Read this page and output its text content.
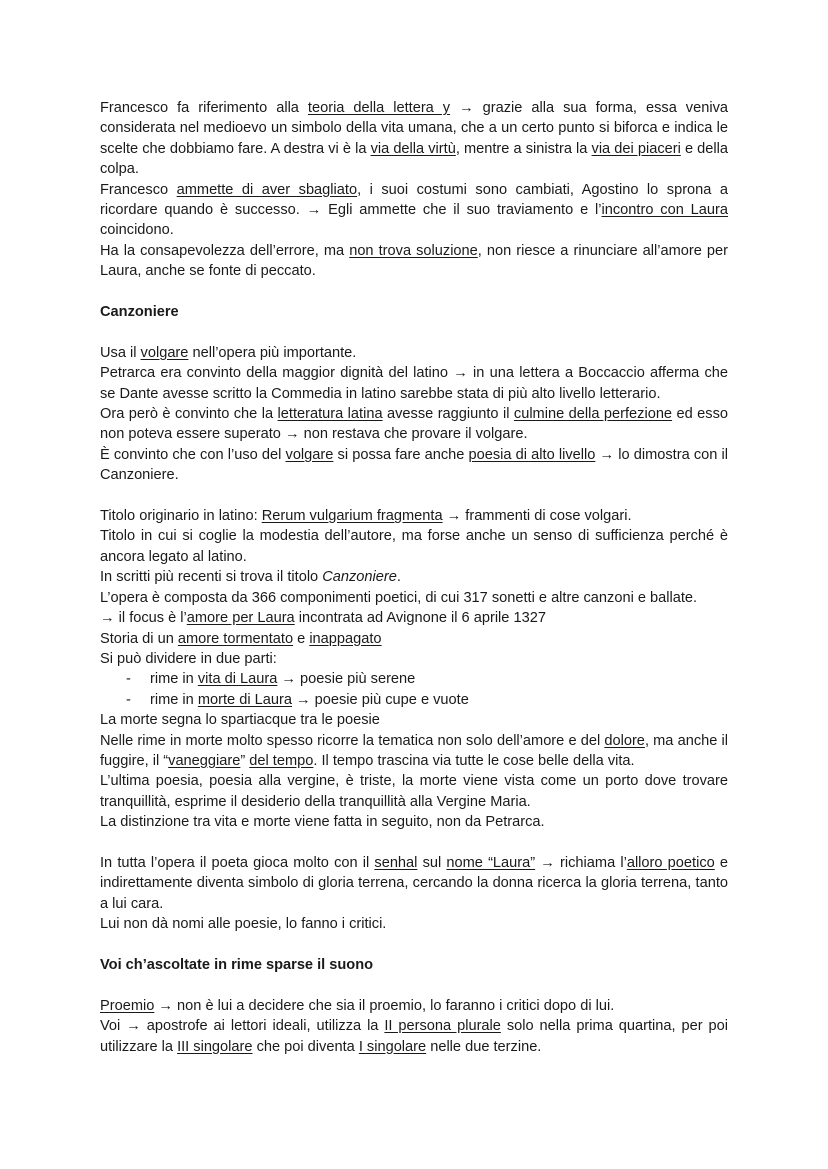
Francesco fa riferimento alla teoria della lettera y → grazie alla sua forma, essa veniva considerata nel medioevo un simbolo della vita umana, che a un certo punto si biforca e indica le scelte che dobbiamo fare. A destra vi è la via della virtù, mentre a sinistra la via dei piaceri e della colpa.

Francesco ammette di aver sbagliato, i suoi costumi sono cambiati, Agostino lo sprona a ricordare quando è successo. → Egli ammette che il suo traviamento e l’incontro con Laura coincidono.

Ha la consapevolezza dell’errore, ma non trova soluzione, non riesce a rinunciare all’amore per Laura, anche se fonte di peccato.

Canzoniere

Usa il volgare nell’opera più importante.

Petrarca era convinto della maggior dignità del latino → in una lettera a Boccaccio afferma che se Dante avesse scritto la Commedia in latino sarebbe stata di più alto livello letterario.

Ora però è convinto che la letteratura latina avesse raggiunto il culmine della perfezione ed esso non poteva essere superato → non restava che provare il volgare.

È convinto che con l’uso del volgare si possa fare anche poesia di alto livello → lo dimostra con il Canzoniere.

Titolo originario in latino: Rerum vulgarium fragmenta → frammenti di cose volgari.

Titolo in cui si coglie la modestia dell’autore, ma forse anche un senso di sufficienza perché è ancora legato al latino.

In scritti più recenti si trova il titolo Canzoniere.

L’opera è composta da 366 componimenti poetici, di cui 317 sonetti e altre canzoni e ballate.

→ il focus è l’amore per Laura incontrata ad Avignone il 6 aprile 1327

Storia di un amore tormentato e inappagato

Si può dividere in due parti:

- rime in vita di Laura → poesie più serene
- rime in morte di Laura → poesie più cupe e vuote

La morte segna lo spartiacque tra le poesie

Nelle rime in morte molto spesso ricorre la tematica non solo dell’amore e del dolore, ma anche il fuggire, il “vaneggiare” del tempo. Il tempo trascina via tutte le cose belle della vita.

L’ultima poesia, poesia alla vergine, è triste, la morte viene vista come un porto dove trovare tranquillità, esprime il desiderio della tranquillità alla Vergine Maria.

La distinzione tra vita e morte viene fatta in seguito, non da Petrarca.

In tutta l’opera il poeta gioca molto con il senhal sul nome “Laura” → richiama l’alloro poetico e indirettamente diventa simbolo di gloria terrena, cercando la donna ricerca la gloria terrena, tanto a lui cara.

Lui non dà nomi alle poesie, lo fanno i critici.

Voi ch’ascoltate in rime sparse il suono

Proemio → non è lui a decidere che sia il proemio, lo faranno i critici dopo di lui.

Voi → apostrofe ai lettori ideali, utilizza la II persona plurale solo nella prima quartina, per poi utilizzare la III singolare che poi diventa I singolare nelle due terzine.
